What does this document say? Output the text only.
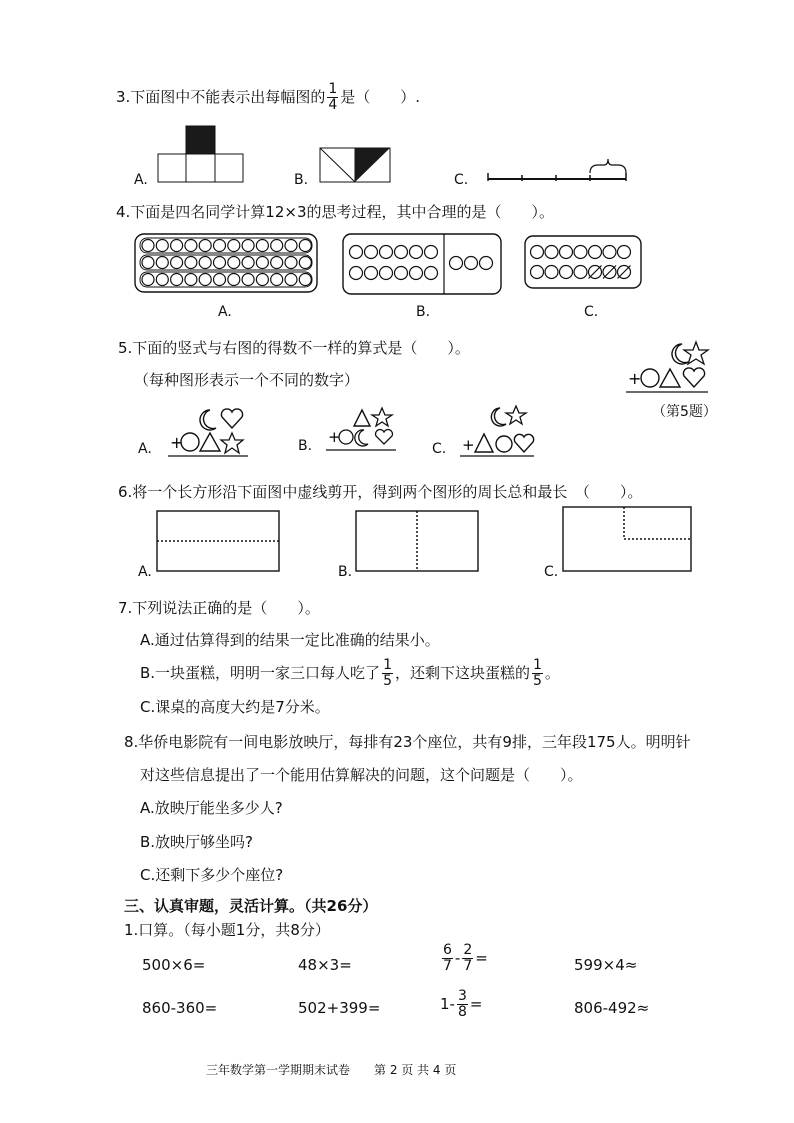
3.下面图中不能表示出每幅图的 $\frac{1}{4}$ 是（　　）.
A.	B.	C.
4.下面是四名同学计算12×3的思考过程，其中合理的是（　　）。
A.	B.	C.
5.下面的竖式与右图的得数不一样的算式是（　　）。
（每种图形表示一个不同的数字）	+
（第5题）
A. +	B. +
C. +
6.将一个长方形沿下面图中虚线剪开，得到两个图形的周长总和最长　（　　）。
A.	B.	C.
7.下列说法正确的是（　　）。
A.通过估算得到的结果一定比准确的结果小。
B.一块蛋糕，明明一家三口每人吃了 $\frac{1}{5}$ ，还剩下这块蛋糕的 $\frac{1}{5}$ 。
C.课桌的高度大约是7分米。
8.华侨电影院有一间电影放映厅，每排有23个座位，共有9排，三年段175人。明明针
对这些信息提出了一个能用估算解决的问题，这个问题是（　　）。
A.放映厅能坐多少人?
B.放映厅够坐吗?
C.还剩下多少个座位?
三、认真审题，灵活计算。（共26分）
1.口算。（每小题1分，共8分）
500×6=	48×3=	$\frac{6}{7} - \frac{2}{7}$ =	599×4≈
860-360=	502+399=	$1- \frac{3}{8}$ =	806-492≈
三年数学第一学期期末试卷　　第 2 页 共 4 页
